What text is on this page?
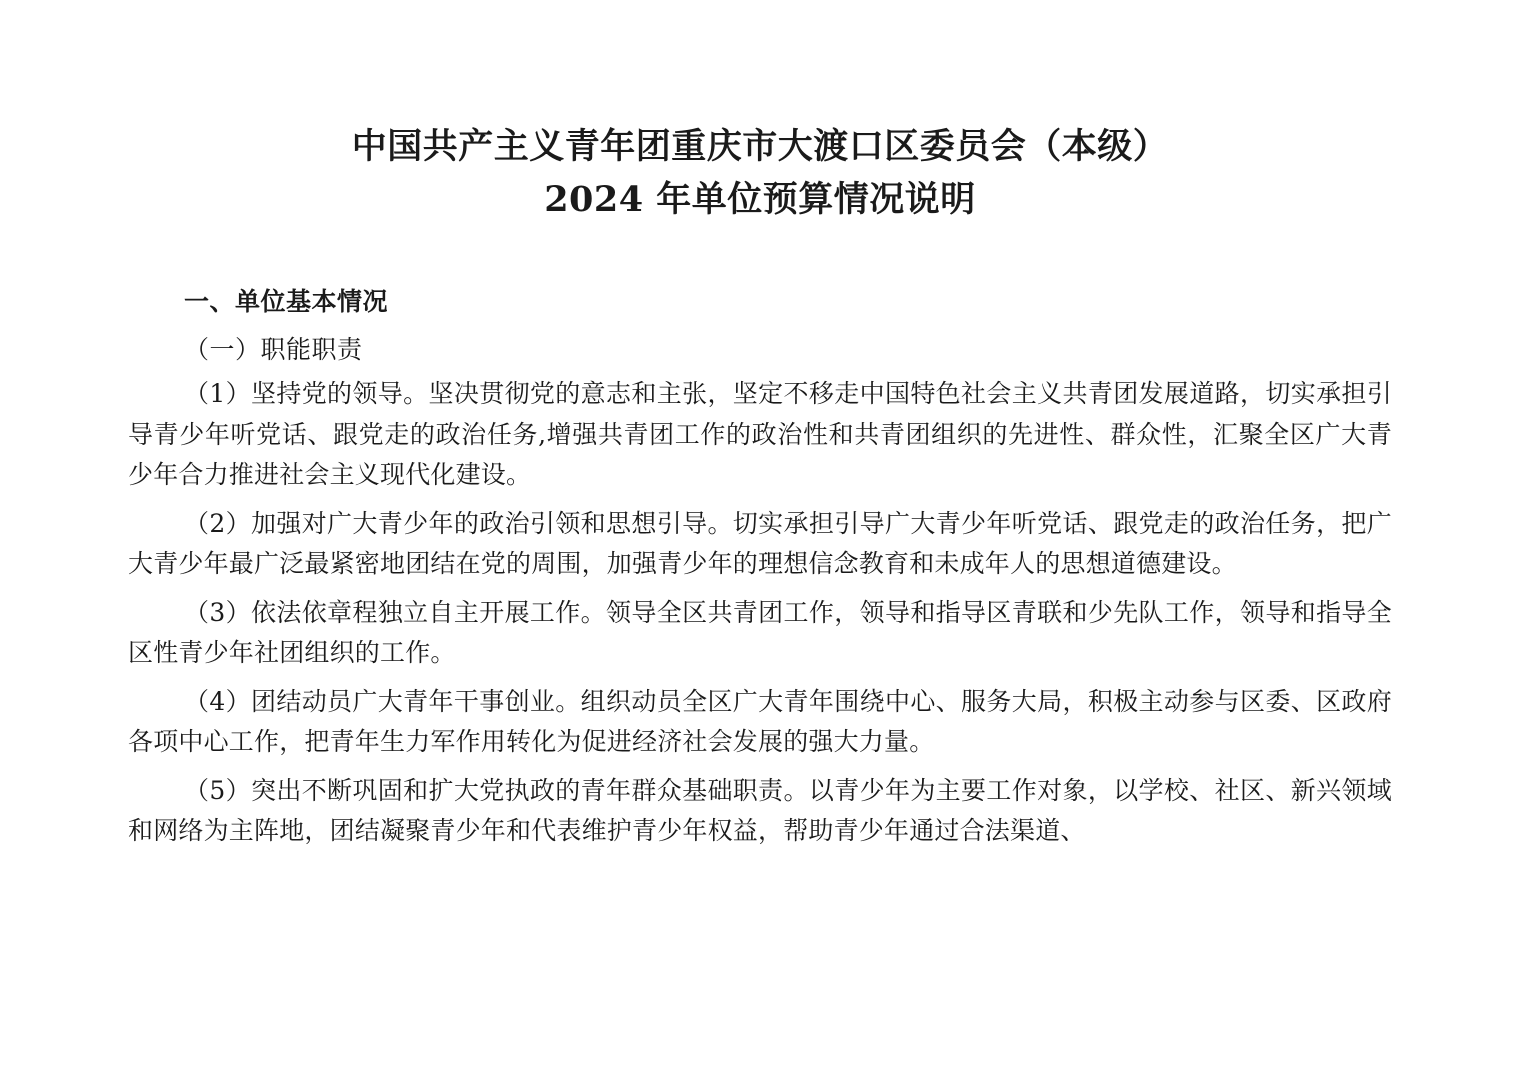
中国共产主义青年团重庆市大渡口区委员会（本级）
2024 年单位预算情况说明
一、单位基本情况

（一）职能职责

（1）坚持党的领导。坚决贯彻党的意志和主张，坚定不移走中国特色社会主义共青团发展道路，切实承担引导青少年听党话、跟党走的政治任务,增强共青团工作的政治性和共青团组织的先进性、群众性，汇聚全区广大青少年合力推进社会主义现代化建设。

（2）加强对广大青少年的政治引领和思想引导。切实承担引导广大青少年听党话、跟党走的政治任务，把广大青少年最广泛最紧密地团结在党的周围，加强青少年的理想信念教育和未成年人的思想道德建设。

（3）依法依章程独立自主开展工作。领导全区共青团工作，领导和指导区青联和少先队工作，领导和指导全区性青少年社团组织的工作。

（4）团结动员广大青年干事创业。组织动员全区广大青年围绕中心、服务大局，积极主动参与区委、区政府各项中心工作，把青年生力军作用转化为促进经济社会发展的强大力量。

（5）突出不断巩固和扩大党执政的青年群众基础职责。以青少年为主要工作对象，以学校、社区、新兴领域和网络为主阵地，团结凝聚青少年和代表维护青少年权益，帮助青少年通过合法渠道、
